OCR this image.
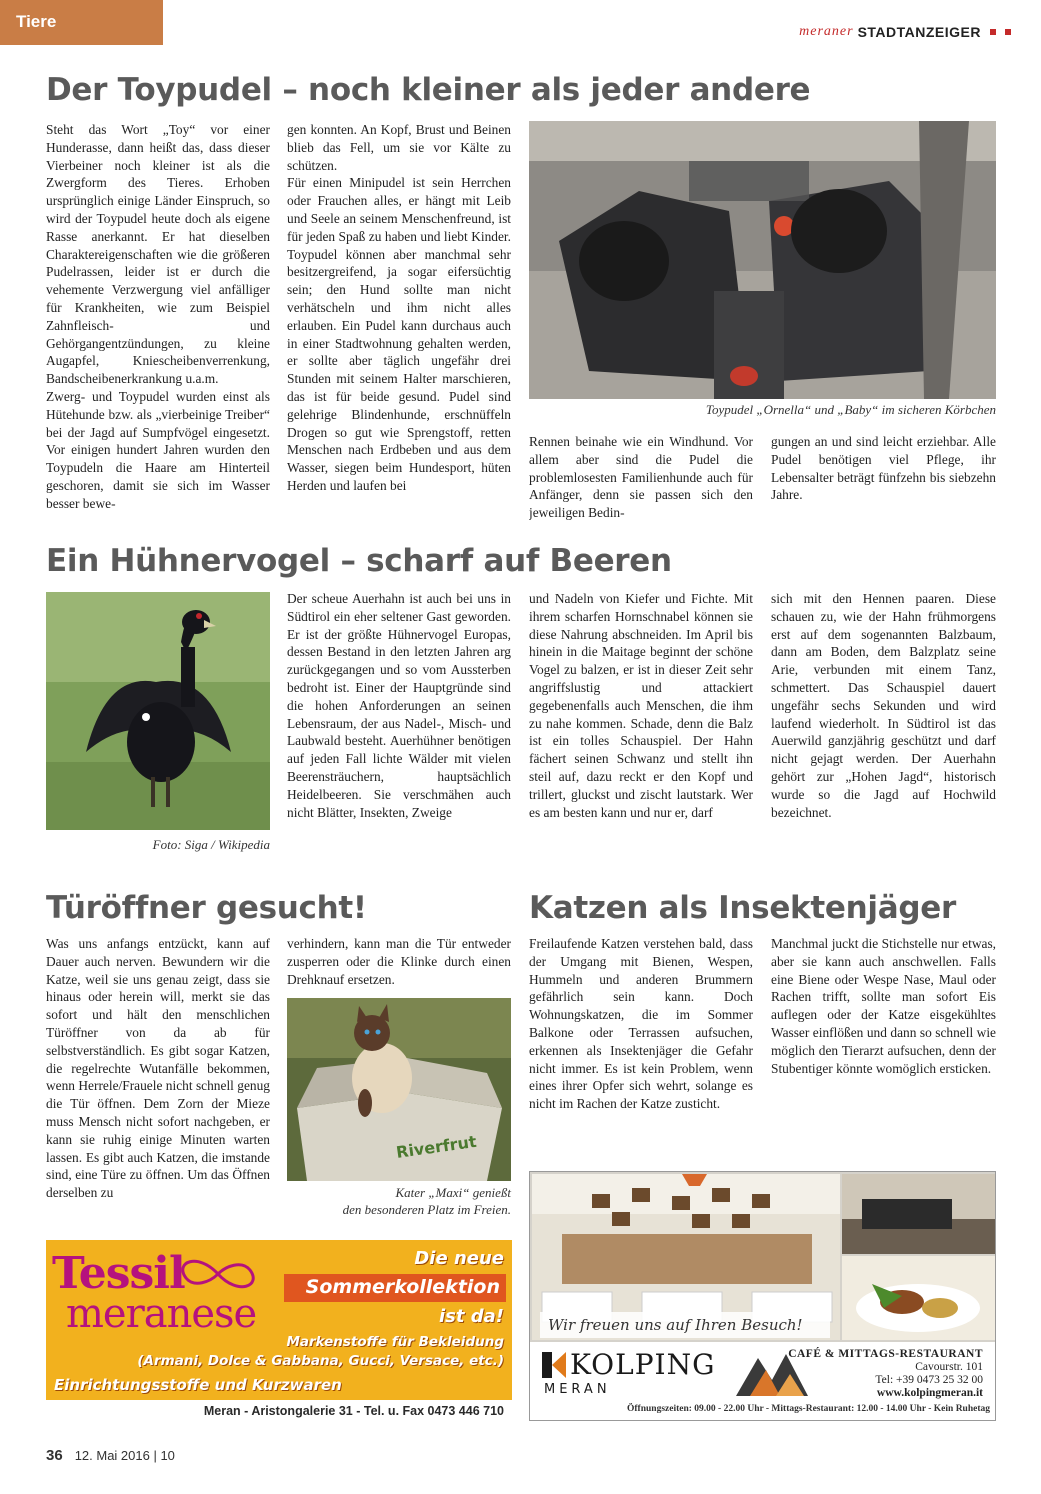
Tiere
meraner STADTANZEIGER
Der Toypudel – noch kleiner als jeder andere

Steht das Wort „Toy“ vor einer Hunderasse, dann heißt das, dass dieser Vierbeiner noch kleiner ist als die Zwergform des Tieres. Erhoben ursprünglich einige Länder Einspruch, so wird der Toypudel heute doch als eigene Rasse anerkannt. Er hat dieselben Charaktereigenschaften wie die größeren Pudelrassen, leider ist er durch die vehemente Verzwergung viel anfälliger für Krankheiten, wie zum Beispiel Zahnfleisch- und Gehörgangentzündungen, zu kleine Augapfel, Kniescheibenverrenkung, Bandscheibenerkrankung u.a.m.

Zwerg- und Toypudel wurden einst als Hütehunde bzw. als „vierbeinige Treiber“ bei der Jagd auf Sumpfvögel eingesetzt. Vor einigen hundert Jahren wurden den Toypudeln die Haare am Hinterteil geschoren, damit sie sich im Wasser besser bewe-

gen konnten. An Kopf, Brust und Beinen blieb das Fell, um sie vor Kälte zu schützen.

Für einen Minipudel ist sein Herrchen oder Frauchen alles, er hängt mit Leib und Seele an seinem Menschenfreund, ist für jeden Spaß zu haben und liebt Kinder. Toypudel können aber manchmal sehr besitzergreifend, ja sogar eifersüchtig sein; den Hund sollte man nicht verhätscheln und ihm nicht alles erlauben. Ein Pudel kann durchaus auch in einer Stadtwohnung gehalten werden, er sollte aber täglich ungefähr drei Stunden mit seinem Halter marschieren, das ist für beide gesund. Pudel sind gelehrige Blindenhunde, erschnüffeln Drogen so gut wie Sprengstoff, retten Menschen nach Erdbeben und aus dem Wasser, siegen beim Hundesport, hüten Herden und laufen bei

Toypudel „Ornella“ und „Baby“ im sicheren Körbchen

Rennen beinahe wie ein Windhund. Vor allem aber sind die Pudel die problemlosesten Familienhunde auch für Anfänger, denn sie passen sich den jeweiligen Bedin-

gungen an und sind leicht erziehbar. Alle Pudel benötigen viel Pflege, ihr Lebensalter beträgt fünfzehn bis siebzehn Jahre.

Ein Hühnervogel – scharf auf Beeren
Foto: Siga / Wikipedia

Der scheue Auerhahn ist auch bei uns in Südtirol ein eher seltener Gast geworden. Er ist der größte Hühnervogel Europas, dessen Bestand in den letzten Jahren arg zurückgegangen und so vom Aussterben bedroht ist. Einer der Hauptgründe sind die hohen Anforderungen an seinen Lebensraum, der aus Nadel-, Misch- und Laubwald besteht. Auerhühner benötigen auf jeden Fall lichte Wälder mit vielen Beerensträuchern, hauptsächlich Heidelbeeren. Sie verschmähen auch nicht Blätter, Insekten, Zweige

und Nadeln von Kiefer und Fichte. Mit ihrem scharfen Hornschnabel können sie diese Nahrung abschneiden. Im April bis hinein in die Maitage beginnt der schöne Vogel zu balzen, er ist in dieser Zeit sehr angriffslustig und attackiert gegebenenfalls auch Menschen, die ihm zu nahe kommen. Schade, denn die Balz ist ein tolles Schauspiel. Der Hahn fächert seinen Schwanz und stellt ihn steil auf, dazu reckt er den Kopf und trillert, gluckst und zischt lautstark. Wer es am besten kann und nur er, darf

sich mit den Hennen paaren. Diese schauen zu, wie der Hahn frühmorgens erst auf dem sogenannten Balzbaum, dann am Boden, dem Balzplatz seine Arie, verbunden mit einem Tanz, schmettert. Das Schauspiel dauert ungefähr sechs Sekunden und wird laufend wiederholt. In Südtirol ist das Auerwild ganzjährig geschützt und darf nicht gejagt werden. Der Auerhahn gehört zur „Hohen Jagd“, historisch wurde so die Jagd auf Hochwild bezeichnet.

Türöffner gesucht!

Was uns anfangs entzückt, kann auf Dauer auch nerven. Bewundern wir die Katze, weil sie uns genau zeigt, dass sie hinaus oder herein will, merkt sie das sofort und hält den menschlichen Türöffner von da ab für selbstverständlich. Es gibt sogar Katzen, die regelrechte Wutanfälle bekommen, wenn Herrele/Frauele nicht schnell genug die Tür öffnen. Dem Zorn der Mieze muss Mensch nicht sofort nachgeben, er kann sie ruhig einige Minuten warten lassen. Es gibt auch Katzen, die imstande sind, eine Türe zu öffnen. Um das Öffnen derselben zu

verhindern, kann man die Tür entweder zusperren oder die Klinke durch einen Drehknauf ersetzen.

Riverfrut
Kater „Maxi“ genießt
den besonderen Platz im Freien.
Katzen als Insektenjäger

Freilaufende Katzen verstehen bald, dass der Umgang mit Bienen, Wespen, Hummeln und anderen Brummern gefährlich sein kann. Doch Wohnungskatzen, die im Sommer Balkone oder Terrassen aufsuchen, erkennen als Insektenjäger die Gefahr nicht immer. Es ist kein Problem, wenn eines ihrer Opfer sich wehrt, solange es nicht im Rachen der Katze zusticht.

Manchmal juckt die Stichstelle nur etwas, aber sie kann auch anschwellen. Falls eine Biene oder Wespe Nase, Maul oder Rachen trifft, sollte man sofort Eis auflegen oder der Katze eisgekühltes Wasser einflößen und dann so schnell wie möglich den Tierarzt aufsuchen, denn der Stubentiger könnte womöglich ersticken.

Tessil
meranese
Die neue
Sommerkollektion
ist da!
Markenstoffe für Bekleidung
(Armani, Dolce & Gabbana, Gucci, Versace, etc.)
Einrichtungsstoffe und Kurzwaren
Meran - Aristongalerie 31 - Tel. u. Fax 0473 446 710
Wir freuen uns auf Ihren Besuch!
KOLPING
MERAN
CAFÉ & MITTAGS-RESTAURANT
Cavourstr. 101
Tel: +39 0473 25 32 00
www.kolpingmeran.it
Öffnungszeiten: 09.00 - 22.00 Uhr - Mittags-Restaurant: 12.00 - 14.00 Uhr - Kein Ruhetag
36 12. Mai 2016 | 10
